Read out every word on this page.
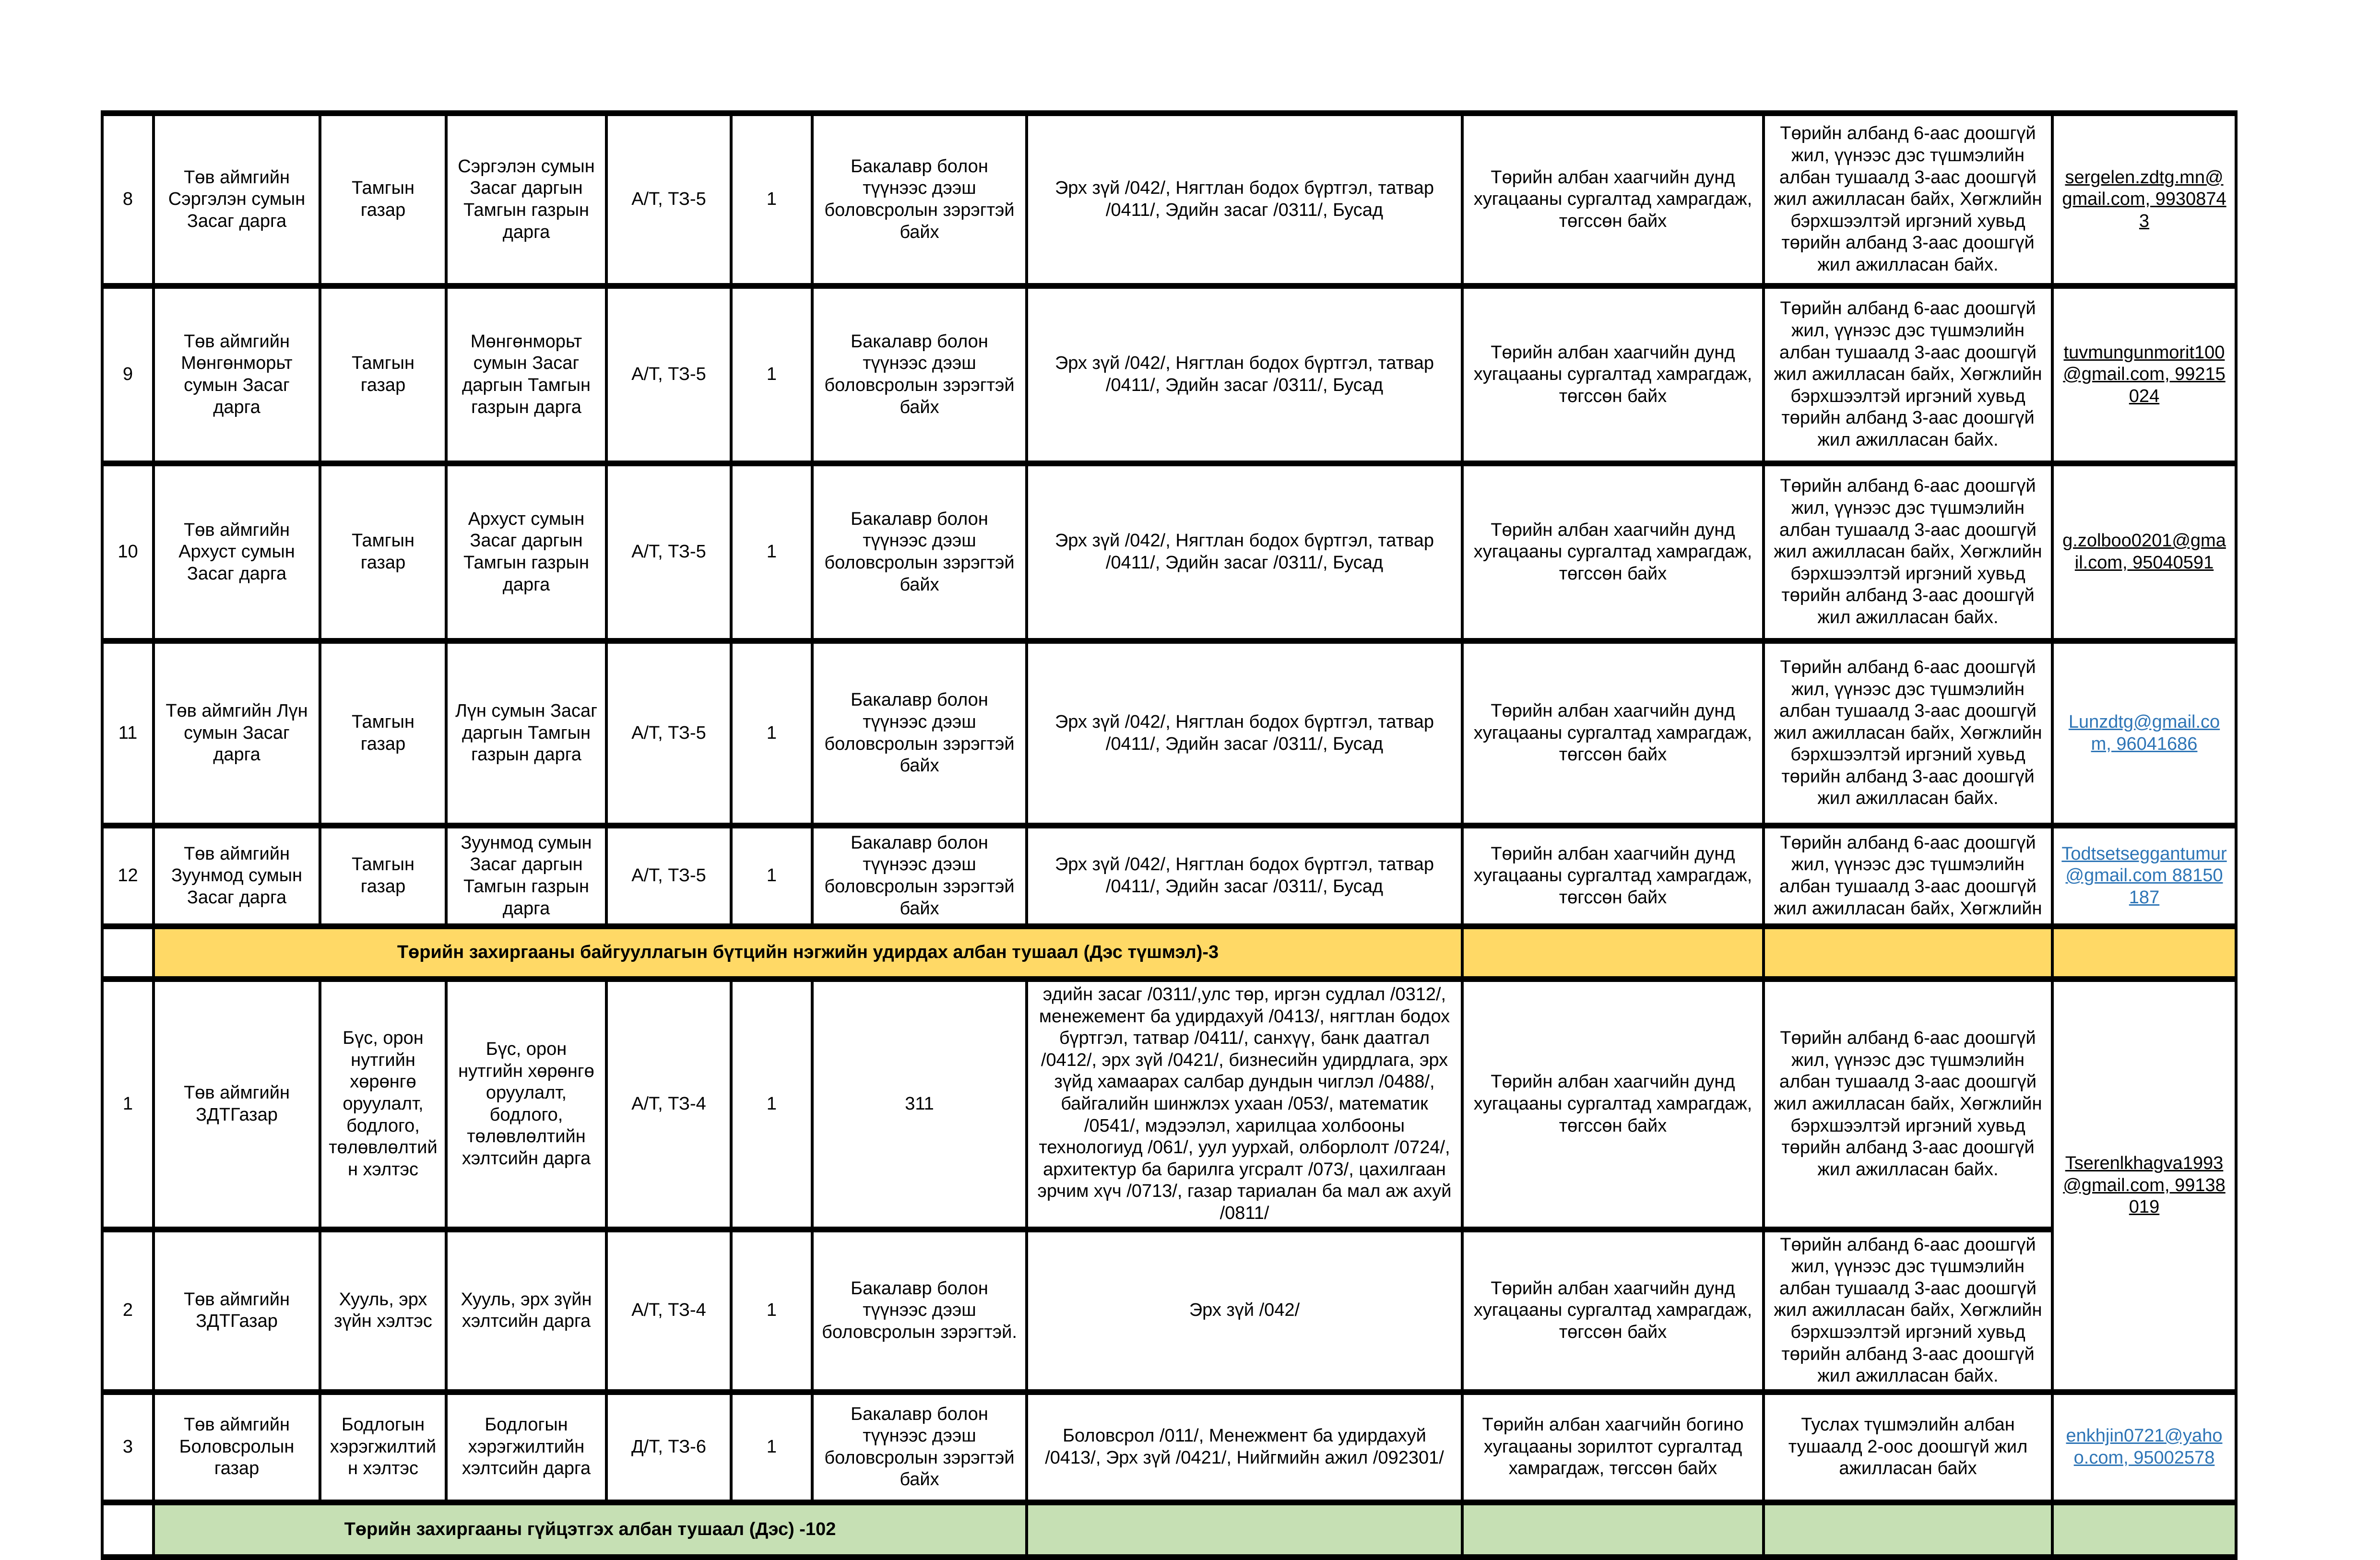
8	Төв аймгийн Сэргэлэн сумын Засаг дарга	Тамгын газар	Сэргэлэн сумын Засаг даргын Тамгын газрын дарга	А/Т, ТЗ-5	1	Бакалавр болон түүнээс дээш боловсролын зэрэгтэй байх	Эрх зүй /042/, Нягтлан бодох бүртгэл, татвар /0411/, Эдийн засаг /0311/, Бусад	Төрийн албан хаагчийн дунд хугацааны сургалтад хамрагдаж, төгссөн байх	Төрийн албанд 6-аас доошгүй жил, үүнээс дэс түшмэлийн албан тушаалд 3-аас доошгүй жил ажилласан байх, Хөгжлийн бэрхшээлтэй иргэний хувьд төрийн албанд 3-аас доошгүй жил ажилласан байх.	sergelen.zdtg.mn@gmail.com, 99308743
9	Төв аймгийн Мөнгөнморьт сумын Засаг дарга	Тамгын газар	Мөнгөнморьт сумын Засаг даргын Тамгын газрын дарга	А/Т, ТЗ-5	1	Бакалавр болон түүнээс дээш боловсролын зэрэгтэй байх	Эрх зүй /042/, Нягтлан бодох бүртгэл, татвар /0411/, Эдийн засаг /0311/, Бусад	Төрийн албан хаагчийн дунд хугацааны сургалтад хамрагдаж, төгссөн байх	Төрийн албанд 6-аас доошгүй жил, үүнээс дэс түшмэлийн албан тушаалд 3-аас доошгүй жил ажилласан байх, Хөгжлийн бэрхшээлтэй иргэний хувьд төрийн албанд 3-аас доошгүй жил ажилласан байх.	tuvmungunmorit100@gmail.com, 99215024
10	Төв аймгийн Архуст сумын Засаг дарга	Тамгын газар	Архуст сумын Засаг даргын Тамгын газрын дарга	А/Т, ТЗ-5	1	Бакалавр болон түүнээс дээш боловсролын зэрэгтэй байх	Эрх зүй /042/, Нягтлан бодох бүртгэл, татвар /0411/, Эдийн засаг /0311/, Бусад	Төрийн албан хаагчийн дунд хугацааны сургалтад хамрагдаж, төгссөн байх	Төрийн албанд 6-аас доошгүй жил, үүнээс дэс түшмэлийн албан тушаалд 3-аас доошгүй жил ажилласан байх, Хөгжлийн бэрхшээлтэй иргэний хувьд төрийн албанд 3-аас доошгүй жил ажилласан байх.	g.zolboo0201@gmail.com, 95040591
11	Төв аймгийн Лүн сумын Засаг дарга	Тамгын газар	Лүн сумын Засаг даргын Тамгын газрын дарга	А/Т, ТЗ-5	1	Бакалавр болон түүнээс дээш боловсролын зэрэгтэй байх	Эрх зүй /042/, Нягтлан бодох бүртгэл, татвар /0411/, Эдийн засаг /0311/, Бусад	Төрийн албан хаагчийн дунд хугацааны сургалтад хамрагдаж, төгссөн байх	Төрийн албанд 6-аас доошгүй жил, үүнээс дэс түшмэлийн албан тушаалд 3-аас доошгүй жил ажилласан байх, Хөгжлийн бэрхшээлтэй иргэний хувьд төрийн албанд 3-аас доошгүй жил ажилласан байх.	Lunzdtg@gmail.com, 96041686
12	Төв аймгийн Зуунмод сумын Засаг дарга	Тамгын газар	Зуунмод сумын Засаг даргын Тамгын газрын дарга	А/Т, ТЗ-5	1	Бакалавр болон түүнээс дээш боловсролын зэрэгтэй байх	Эрх зүй /042/, Нягтлан бодох бүртгэл, татвар /0411/, Эдийн засаг /0311/, Бусад	Төрийн албан хаагчийн дунд хугацааны сургалтад хамрагдаж, төгссөн байх	Төрийн албанд 6-аас доошгүй жил, үүнээс дэс түшмэлийн албан тушаалд 3-аас доошгүй жил ажилласан байх, Хөгжлийн	Todtsetseggantumur@gmail.com 88150187
	Төрийн захиргааны байгууллагын бүтцийн нэгжийн удирдах албан тушаал (Дэс түшмэл)-3									
1	Төв аймгийн ЗДТГазар	Бүс, орон нутгийн хөрөнгө оруулалт, бодлого, төлөвлөлтийн хэлтэс	Бүс, орон нутгийн хөрөнгө оруулалт, бодлого, төлөвлөлтийн хэлтсийн дарга	А/Т, ТЗ-4	1	311	эдийн засаг /0311/,улс төр, иргэн судлал /0312/, менежемент ба удирдахуй /0413/, нягтлан бодох бүртгэл, татвар /0411/, санхүү, банк даатгал /0412/, эрх зүй /0421/, бизнесийн удирдлага, эрх зүйд хамаарах салбар дундын чиглэл /0488/, байгалийн шинжлэх ухаан /053/, математик /0541/, мэдээлэл, харилцаа холбооны технологиуд /061/, уул уурхай, олборлолт /0724/, архитектур ба барилга угсралт /073/, цахилгаан эрчим хүч /0713/, газар тариалан ба мал аж ахуй /0811/	Төрийн албан хаагчийн дунд хугацааны сургалтад хамрагдаж, төгссөн байх	Төрийн албанд 6-аас доошгүй жил, үүнээс дэс түшмэлийн албан тушаалд 3-аас доошгүй жил ажилласан байх, Хөгжлийн бэрхшээлтэй иргэний хувьд төрийн албанд 3-аас доошгүй жил ажилласан байх.	Tserenlkhagva1993@gmail.com, 99138019
2	Төв аймгийн ЗДТГазар	Хууль, эрх зүйн хэлтэс	Хууль, эрх зүйн хэлтсийн дарга	А/Т, ТЗ-4	1	Бакалавр болон түүнээс дээш боловсролын зэрэгтэй.	Эрх зүй /042/	Төрийн албан хаагчийн дунд хугацааны сургалтад хамрагдаж, төгссөн байх	Төрийн албанд 6-аас доошгүй жил, үүнээс дэс түшмэлийн албан тушаалд 3-аас доошгүй жил ажилласан байх, Хөгжлийн бэрхшээлтэй иргэний хувьд төрийн албанд 3-аас доошгүй жил ажилласан байх.	
3	Төв аймгийн Боловсролын газар	Бодлогын хэрэгжилтийн хэлтэс	Бодлогын хэрэгжилтийн хэлтсийн дарга	Д/Т, ТЗ-6	1	Бакалавр болон түүнээс дээш боловсролын зэрэгтэй байх	Боловсрол /011/, Менежмент ба удирдахуй /0413/, Эрх зүй /0421/, Нийгмийн ажил /092301/	Төрийн албан хаагчийн богино хугацааны зорилтот сургалтад хамрагдаж, төгссөн байх	Туслах түшмэлийн албан тушаалд 2-оос доошгүй жил ажилласан байх	enkhjin0721@yahoo.com, 95002578
	Төрийн захиргааны гүйцэтгэх албан тушаал (Дэс) -102									
